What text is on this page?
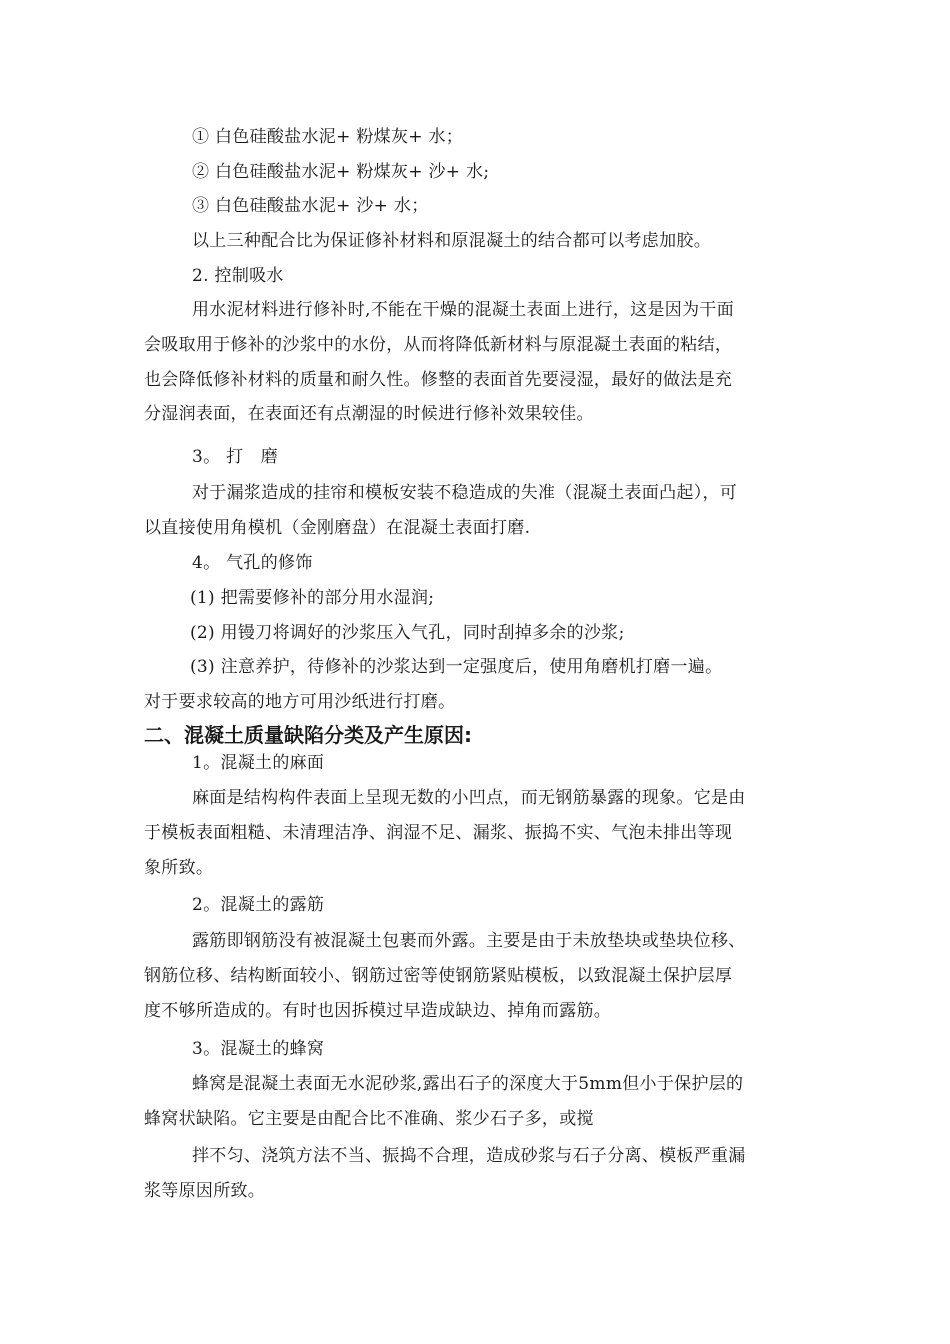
① 白色硅酸盐水泥+ 粉煤灰+ 水；
② 白色硅酸盐水泥+ 粉煤灰+ 沙+ 水;
③ 白色硅酸盐水泥+ 沙+ 水；
以上三种配合比为保证修补材料和原混凝土的结合都可以考虑加胶。
2. 控制吸水
用水泥材料进行修补时,不能在干燥的混凝土表面上进行，这是因为干面
会吸取用于修补的沙浆中的水份，从而将降低新材料与原混凝土表面的粘结，
也会降低修补材料的质量和耐久性。修整的表面首先要浸湿，最好的做法是充
分湿润表面，在表面还有点潮湿的时候进行修补效果较佳。
3。 打　磨
对于漏浆造成的挂帘和模板安装不稳造成的失准（混凝土表面凸起），可
以直接使用角模机（金刚磨盘）在混凝土表面打磨.
4。 气孔的修饰
(1) 把需要修补的部分用水湿润;
(2) 用镘刀将调好的沙浆压入气孔，同时刮掉多余的沙浆;
(3) 注意养护，待修补的沙浆达到一定强度后，使用角磨机打磨一遍。
对于要求较高的地方可用沙纸进行打磨。
二、混凝土质量缺陷分类及产生原因:
1。混凝土的麻面
麻面是结构构件表面上呈现无数的小凹点，而无钢筋暴露的现象。它是由
于模板表面粗糙、未清理洁净、润湿不足、漏浆、振捣不实、气泡未排出等现
象所致。
2。混凝土的露筋
露筋即钢筋没有被混凝土包裹而外露。主要是由于未放垫块或垫块位移、
钢筋位移、结构断面较小、钢筋过密等使钢筋紧贴模板，以致混凝土保护层厚
度不够所造成的。有时也因拆模过早造成缺边、掉角而露筋。
3。混凝土的蜂窝
蜂窝是混凝土表面无水泥砂浆,露出石子的深度大于5mm但小于保护层的
蜂窝状缺陷。它主要是由配合比不准确、浆少石子多，或搅
拌不匀、浇筑方法不当、振捣不合理，造成砂浆与石子分离、模板严重漏
浆等原因所致。
